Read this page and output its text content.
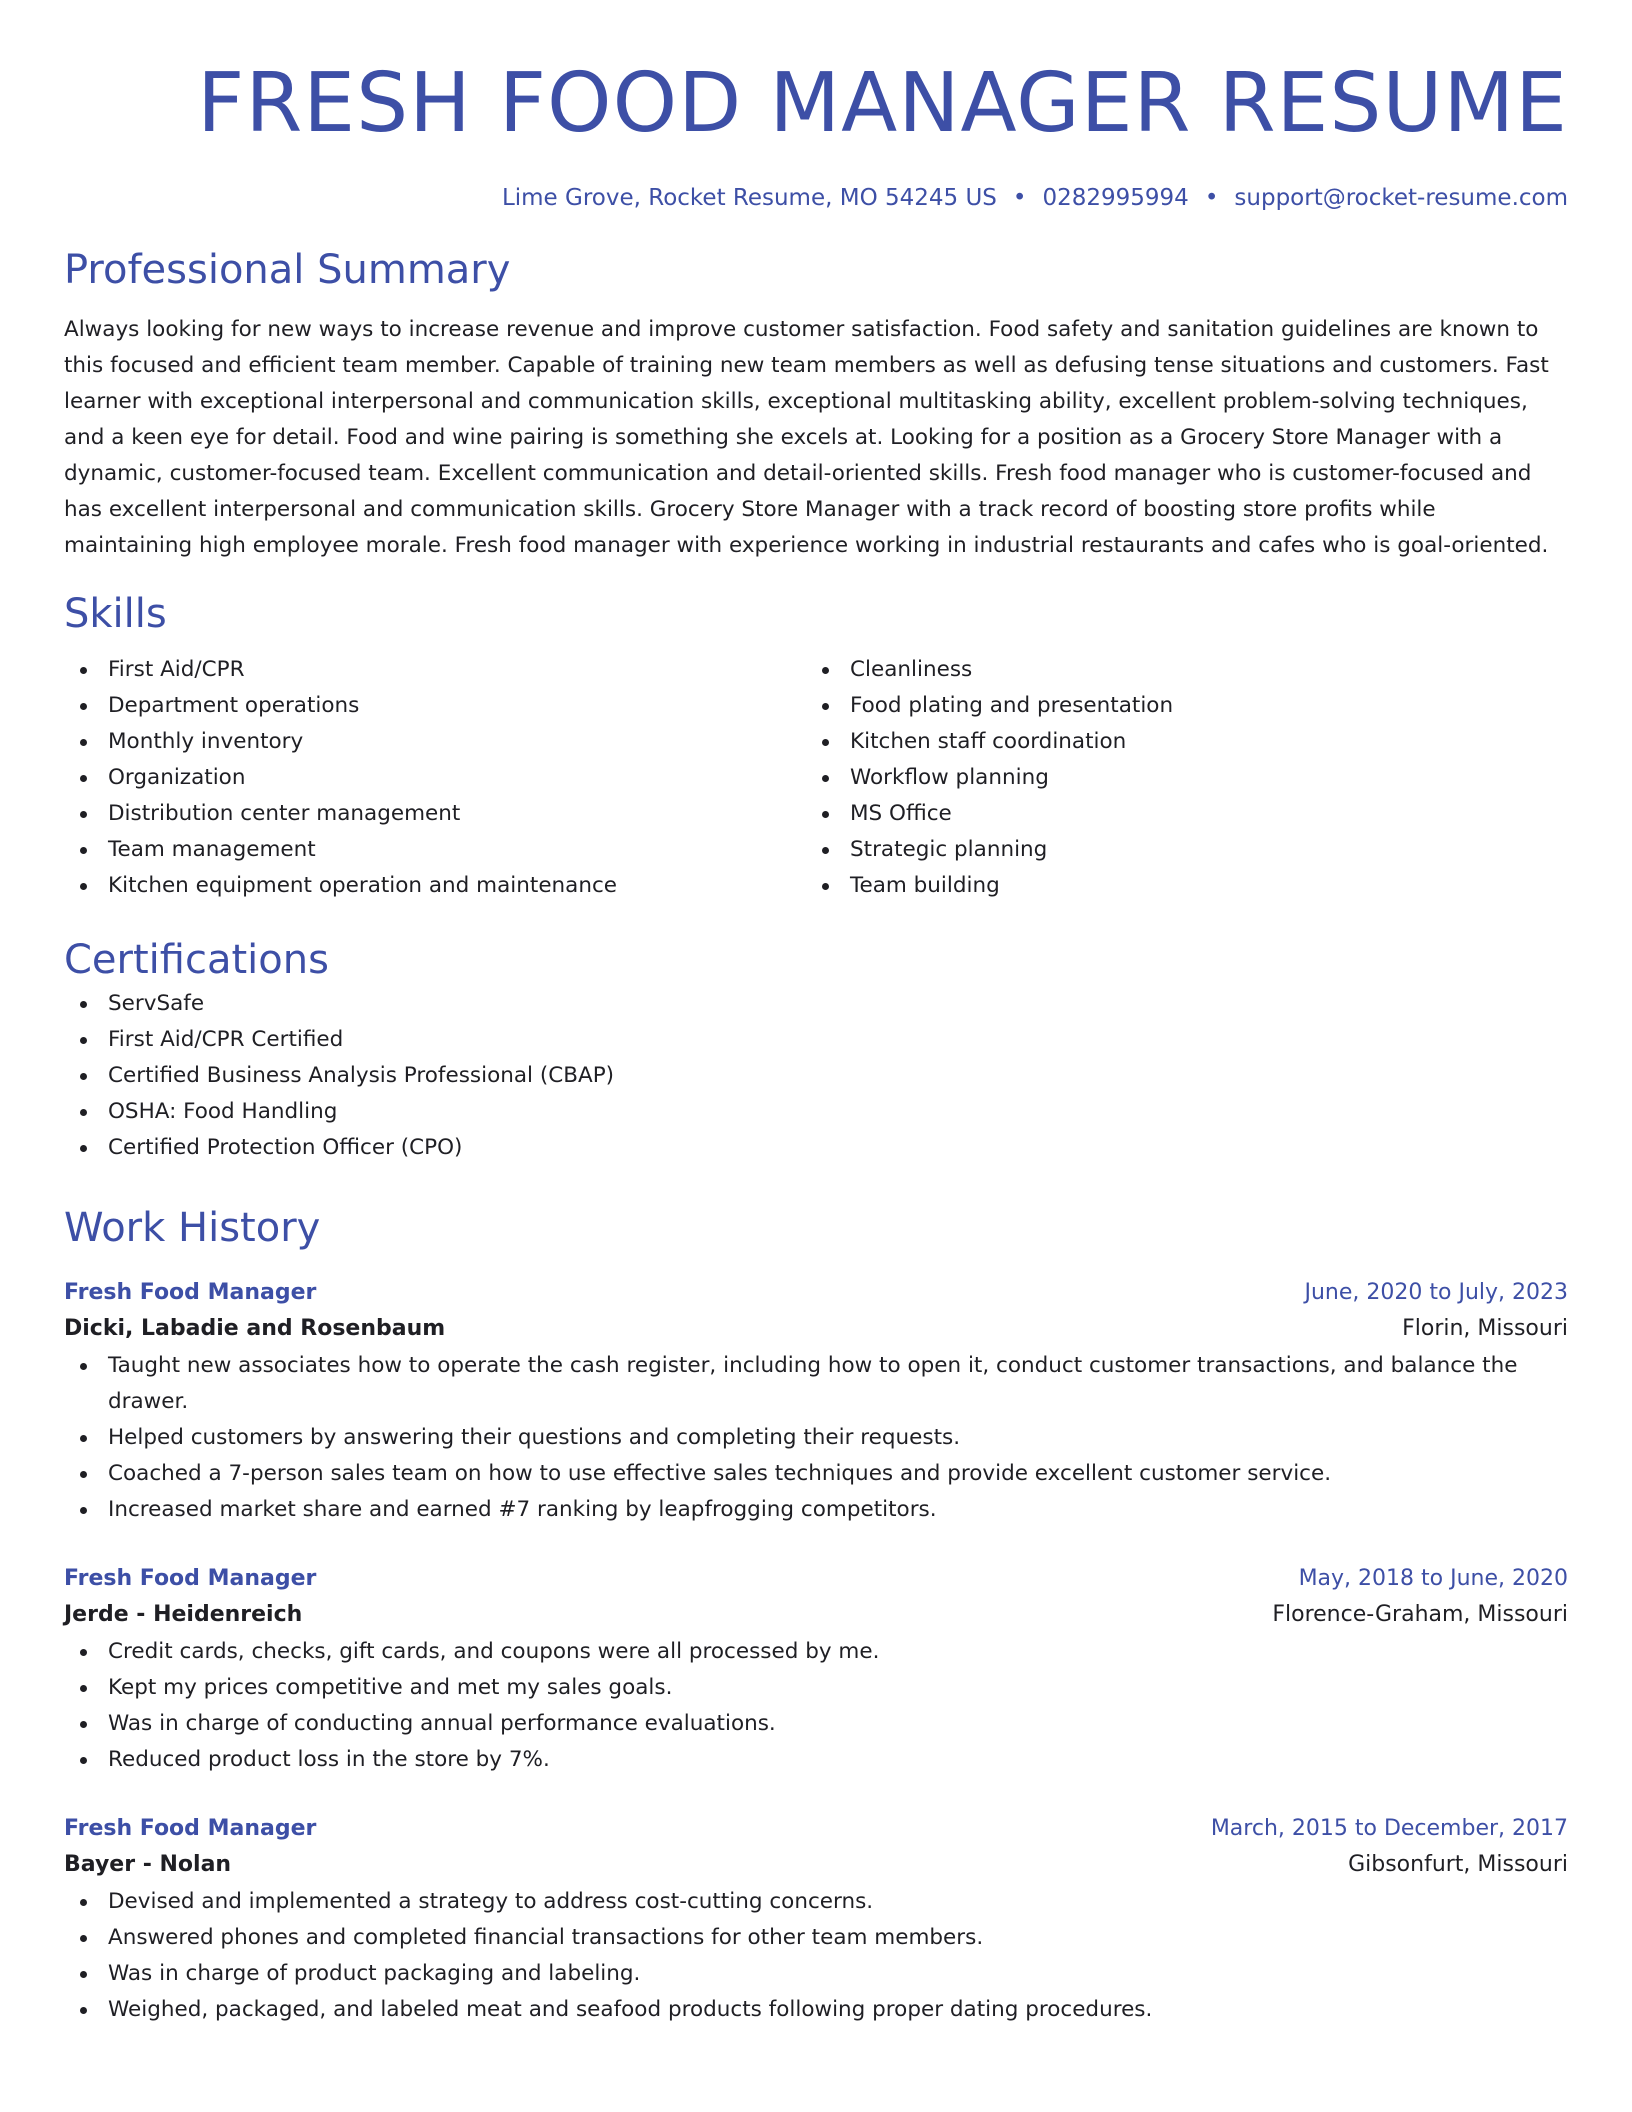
FRESH FOOD MANAGER RESUME
Lime Grove, Rocket Resume, MO 54245 US • 0282995994 • support@rocket-resume.com
Professional Summary
Always looking for new ways to increase revenue and improve customer satisfaction. Food safety and sanitation guidelines are known to this focused and efficient team member. Capable of training new team members as well as defusing tense situations and customers. Fast learner with exceptional interpersonal and communication skills, exceptional multitasking ability, excellent problem-solving techniques, and a keen eye for detail. Food and wine pairing is something she excels at. Looking for a position as a Grocery Store Manager with a dynamic, customer-focused team. Excellent communication and detail-oriented skills. Fresh food manager who is customer-focused and has excellent interpersonal and communication skills. Grocery Store Manager with a track record of boosting store profits while maintaining high employee morale. Fresh food manager with experience working in industrial restaurants and cafes who is goal-oriented.
Skills
First Aid/CPR
Department operations
Monthly inventory
Organization
Distribution center management
Team management
Kitchen equipment operation and maintenance
Cleanliness
Food plating and presentation
Kitchen staff coordination
Workflow planning
MS Office
Strategic planning
Team building
Certifications
ServSafe
First Aid/CPR Certified
Certified Business Analysis Professional (CBAP)
OSHA: Food Handling
Certified Protection Officer (CPO)
Work History
Fresh Food Manager	June, 2020 to July, 2023
Dicki, Labadie and Rosenbaum	Florin, Missouri
Taught new associates how to operate the cash register, including how to open it, conduct customer transactions, and balance the drawer.
Helped customers by answering their questions and completing their requests.
Coached a 7-person sales team on how to use effective sales techniques and provide excellent customer service.
Increased market share and earned #7 ranking by leapfrogging competitors.
Fresh Food Manager	May, 2018 to June, 2020
Jerde - Heidenreich	Florence-Graham, Missouri
Credit cards, checks, gift cards, and coupons were all processed by me.
Kept my prices competitive and met my sales goals.
Was in charge of conducting annual performance evaluations.
Reduced product loss in the store by 7%.
Fresh Food Manager	March, 2015 to December, 2017
Bayer - Nolan	Gibsonfurt, Missouri
Devised and implemented a strategy to address cost-cutting concerns.
Answered phones and completed financial transactions for other team members.
Was in charge of product packaging and labeling.
Weighed, packaged, and labeled meat and seafood products following proper dating procedures.
